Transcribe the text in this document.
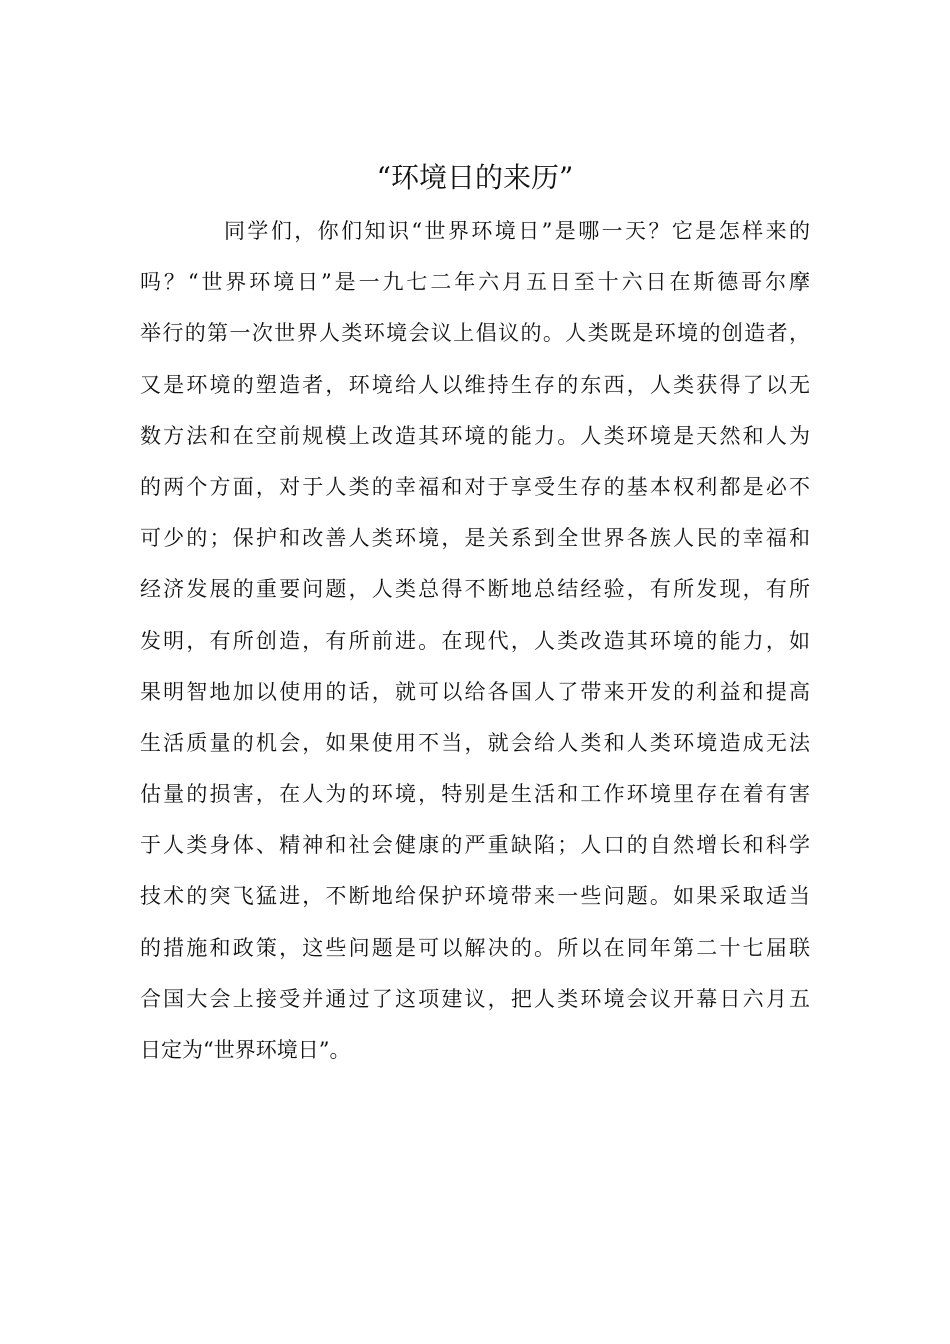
“环境日的来历”
同学们，你们知识“世界环境日”是哪一天？它是怎样来的
吗？“世界环境日”是一九七二年六月五日至十六日在斯德哥尔摩
举行的第一次世界人类环境会议上倡议的。人类既是环境的创造者，
又是环境的塑造者，环境给人以维持生存的东西，人类获得了以无
数方法和在空前规模上改造其环境的能力。人类环境是天然和人为
的两个方面，对于人类的幸福和对于享受生存的基本权利都是必不
可少的；保护和改善人类环境，是关系到全世界各族人民的幸福和
经济发展的重要问题，人类总得不断地总结经验，有所发现，有所
发明，有所创造，有所前进。在现代，人类改造其环境的能力，如
果明智地加以使用的话，就可以给各国人了带来开发的利益和提高
生活质量的机会，如果使用不当，就会给人类和人类环境造成无法
估量的损害，在人为的环境，特别是生活和工作环境里存在着有害
于人类身体、精神和社会健康的严重缺陷；人口的自然增长和科学
技术的突飞猛进，不断地给保护环境带来一些问题。如果采取适当
的措施和政策，这些问题是可以解决的。所以在同年第二十七届联
合国大会上接受并通过了这项建议，把人类环境会议开幕日六月五
日定为“世界环境日”。
